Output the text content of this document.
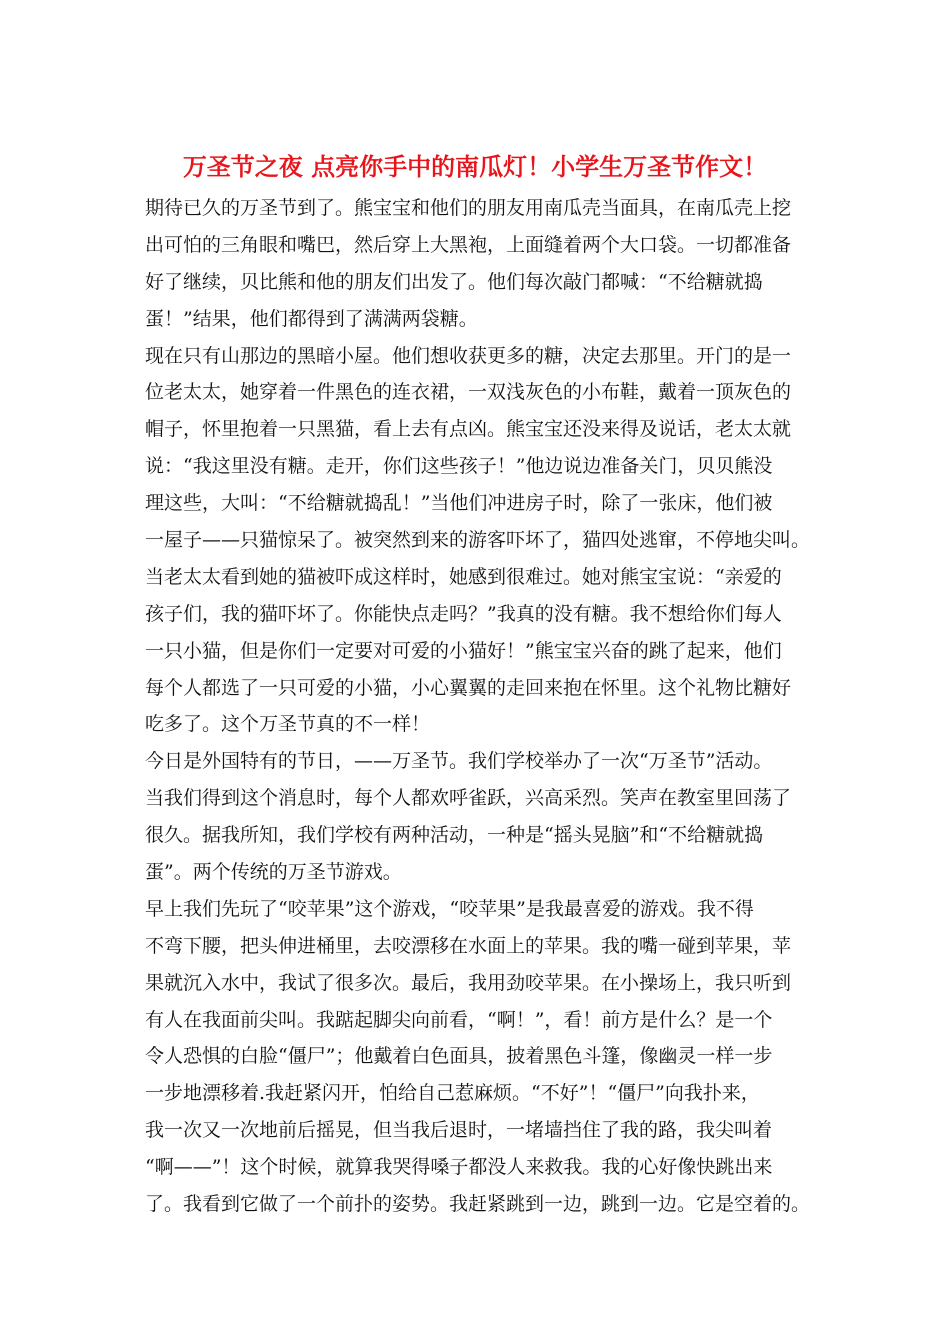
万圣节之夜 点亮你手中的南瓜灯！小学生万圣节作文！
期待已久的万圣节到了。熊宝宝和他们的朋友用南瓜壳当面具，在南瓜壳上挖
出可怕的三角眼和嘴巴，然后穿上大黑袍，上面缝着两个大口袋。一切都准备
好了继续，贝比熊和他的朋友们出发了。他们每次敲门都喊：“不给糖就捣
蛋！”结果，他们都得到了满满两袋糖。
现在只有山那边的黑暗小屋。他们想收获更多的糖，决定去那里。开门的是一
位老太太，她穿着一件黑色的连衣裙，一双浅灰色的小布鞋，戴着一顶灰色的
帽子，怀里抱着一只黑猫，看上去有点凶。熊宝宝还没来得及说话，老太太就
说：“我这里没有糖。走开，你们这些孩子！”他边说边准备关门，贝贝熊没
理这些，大叫：“不给糖就捣乱！”当他们冲进房子时，除了一张床，他们被
一屋子——只猫惊呆了。被突然到来的游客吓坏了，猫四处逃窜，不停地尖叫。
当老太太看到她的猫被吓成这样时，她感到很难过。她对熊宝宝说：“亲爱的
孩子们，我的猫吓坏了。你能快点走吗？”我真的没有糖。我不想给你们每人
一只小猫，但是你们一定要对可爱的小猫好！”熊宝宝兴奋的跳了起来，他们
每个人都选了一只可爱的小猫，小心翼翼的走回来抱在怀里。这个礼物比糖好
吃多了。这个万圣节真的不一样！
今日是外国特有的节日，——万圣节。我们学校举办了一次“万圣节”活动。
当我们得到这个消息时，每个人都欢呼雀跃，兴高采烈。笑声在教室里回荡了
很久。据我所知，我们学校有两种活动，一种是“摇头晃脑”和“不给糖就捣
蛋”。两个传统的万圣节游戏。
早上我们先玩了“咬苹果”这个游戏，“咬苹果”是我最喜爱的游戏。我不得
不弯下腰，把头伸进桶里，去咬漂移在水面上的苹果。我的嘴一碰到苹果，苹
果就沉入水中，我试了很多次。最后，我用劲咬苹果。在小操场上，我只听到
有人在我面前尖叫。我踮起脚尖向前看，“啊！”，看！前方是什么？是一个
令人恐惧的白脸“僵尸”；他戴着白色面具，披着黑色斗篷，像幽灵一样一步
一步地漂移着.我赶紧闪开，怕给自己惹麻烦。“不好”！“僵尸”向我扑来，
我一次又一次地前后摇晃，但当我后退时，一堵墙挡住了我的路，我尖叫着
“啊——”！这个时候，就算我哭得嗓子都没人来救我。我的心好像快跳出来
了。我看到它做了一个前扑的姿势。我赶紧跳到一边，跳到一边。它是空着的。
